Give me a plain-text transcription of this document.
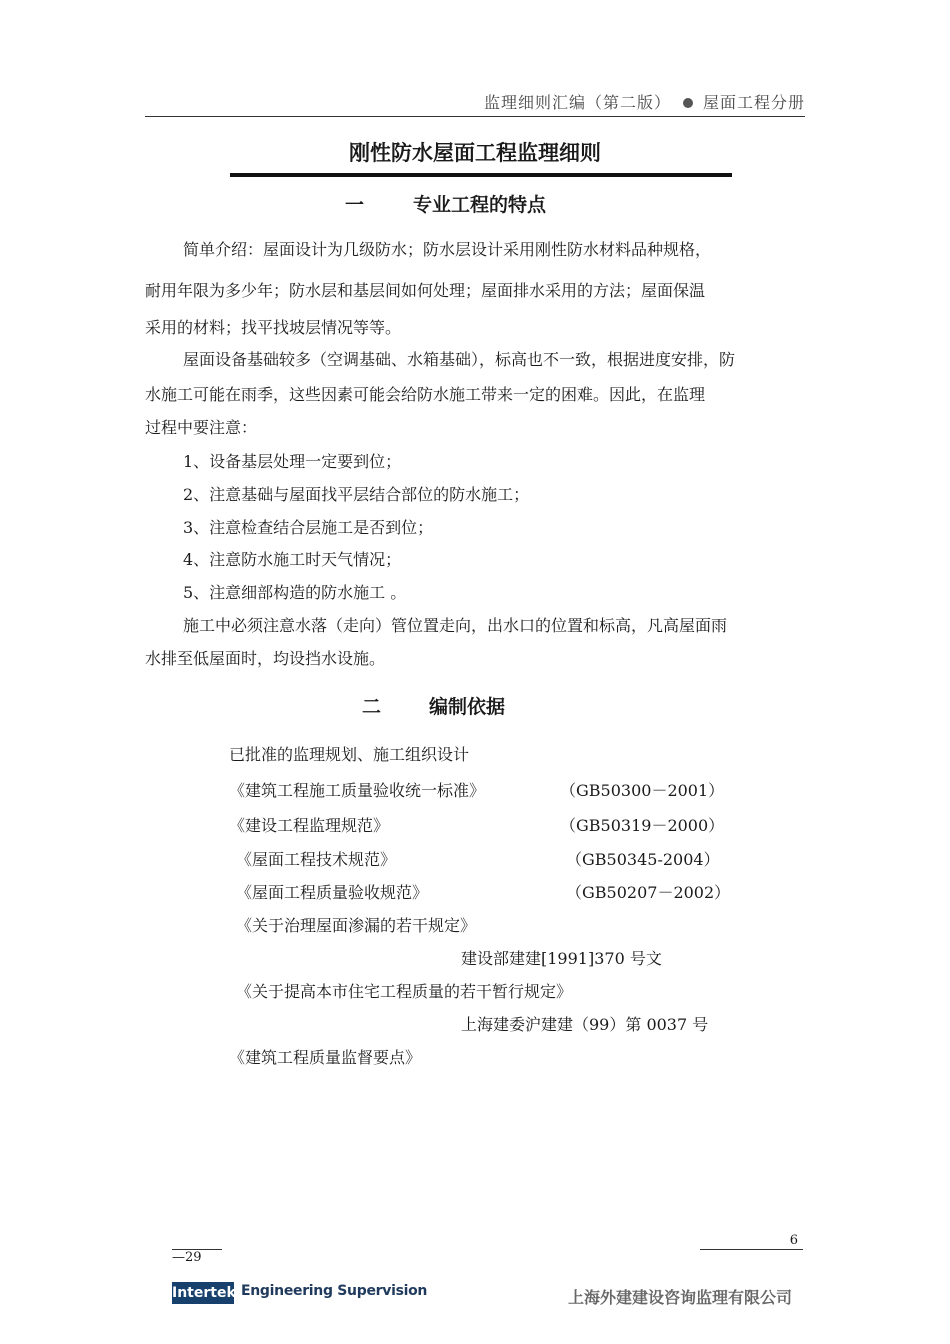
监理细则汇编（第二版） 屋面工程分册
刚性防水屋面工程监理细则
一	专业工程的特点
简单介绍：屋面设计为几级防水；防水层设计采用刚性防水材料品种规格，
耐用年限为多少年；防水层和基层间如何处理；屋面排水采用的方法；屋面保温
采用的材料；找平找坡层情况等等。
屋面设备基础较多（空调基础、水箱基础），标高也不一致，根据进度安排，防
水施工可能在雨季，这些因素可能会给防水施工带来一定的困难。因此，在监理
过程中要注意：
1、设备基层处理一定要到位；
2、注意基础与屋面找平层结合部位的防水施工；
3、注意检查结合层施工是否到位；
4、注意防水施工时天气情况；
5、注意细部构造的防水施工 。
施工中必须注意水落（走向）管位置走向，出水口的位置和标高，凡高屋面雨
水排至低屋面时，均设挡水设施。
二	编制依据
已批准的监理规划、施工组织设计
《建筑工程施工质量验收统一标准》	（GB50300－2001）
《建设工程监理规范》	（GB50319－2000）
《屋面工程技术规范》	（GB50345-2004）
《屋面工程质量验收规范》	（GB50207－2002）
《关于治理屋面渗漏的若干规定》
建设部建建[1991]370 号文
《关于提高本市住宅工程质量的若干暂行规定》
上海建委沪建建（99）第 0037 号
《建筑工程质量监督要点》
6
—29
Intertek Engineering Supervision	上海外建建设咨询监理有限公司
